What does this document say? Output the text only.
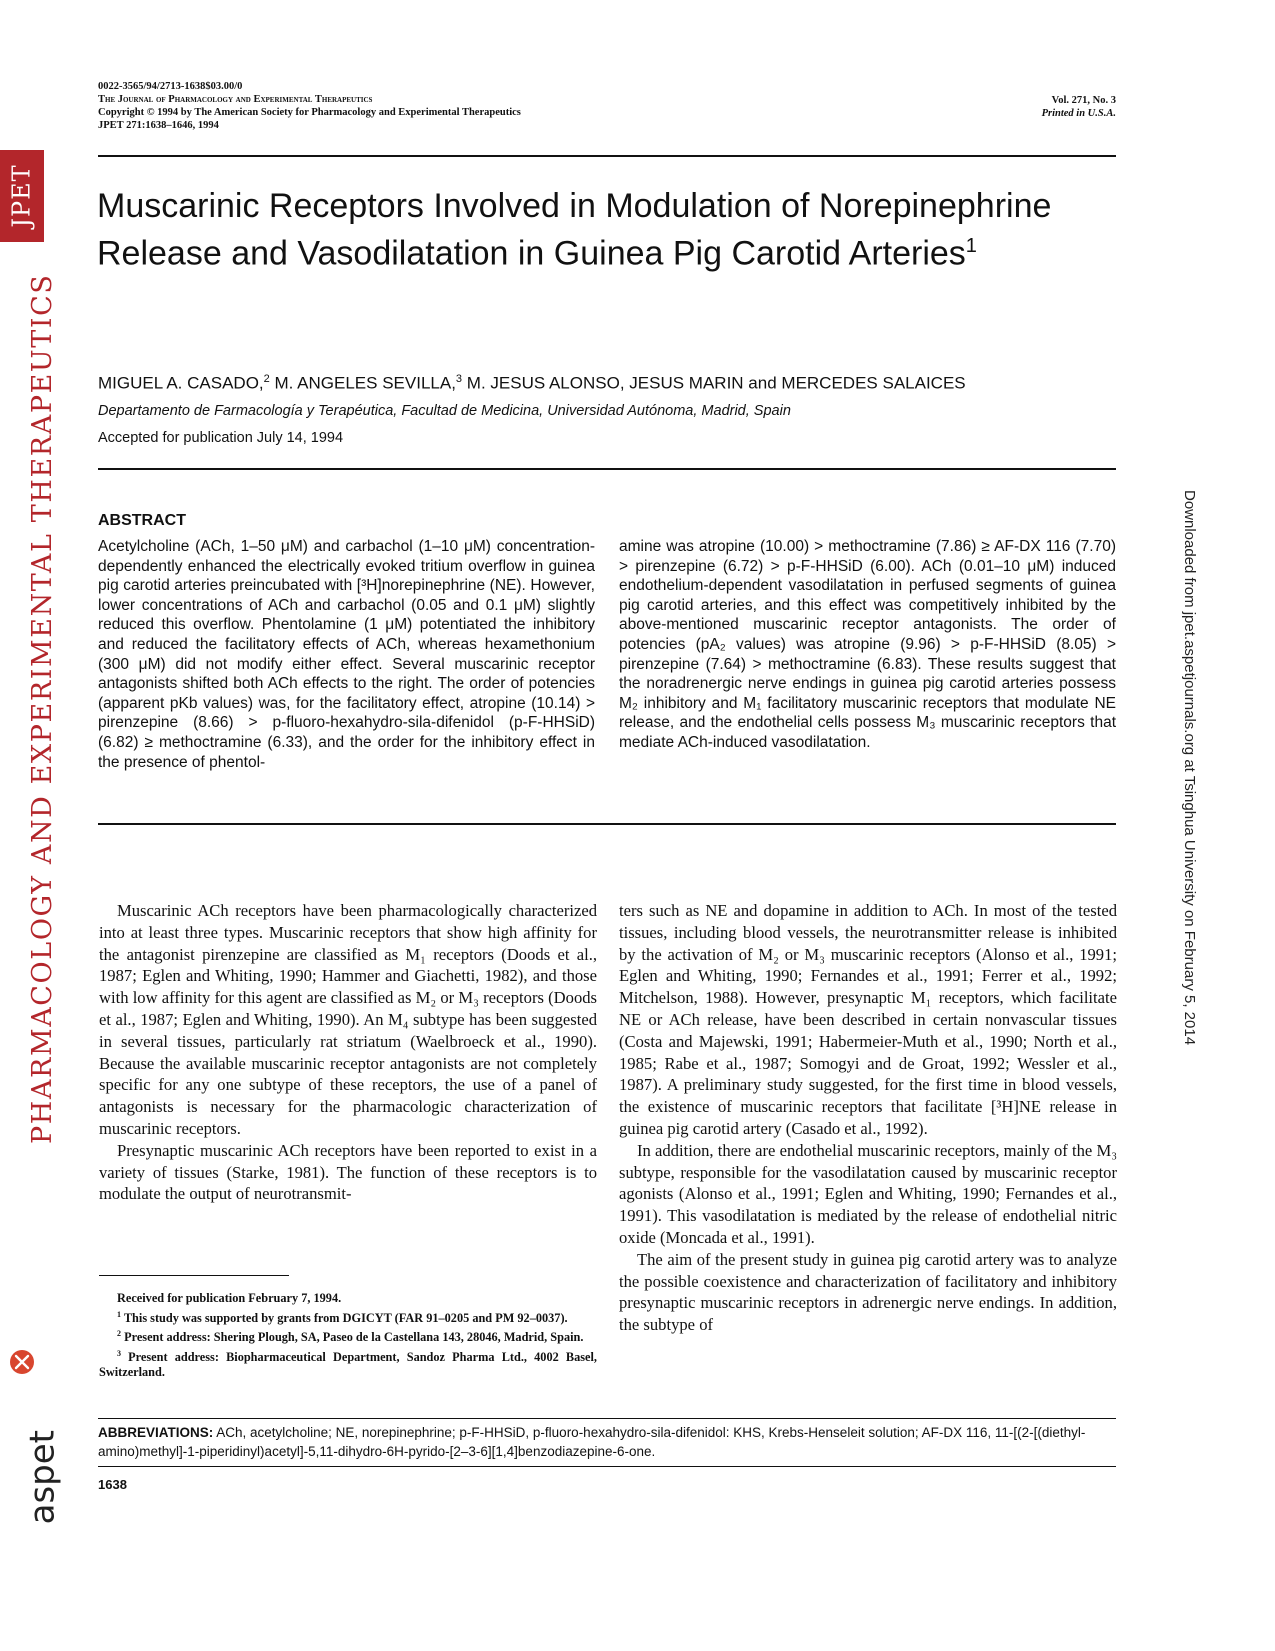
JPET
PHARMACOLOGY AND EXPERIMENTAL THERAPEUTICS
aspet
Downloaded from jpet.aspetjournals.org at Tsinghua University on February 5, 2014
0022-3565/94/2713-1638$03.00/0
The Journal of Pharmacology and Experimental Therapeutics
Copyright © 1994 by The American Society for Pharmacology and Experimental Therapeutics
JPET 271:1638–1646, 1994
Vol. 271, No. 3
Printed in U.S.A.
Muscarinic Receptors Involved in Modulation of Norepinephrine Release and Vasodilatation in Guinea Pig Carotid Arteries$^1$
MIGUEL A. CASADO,$^2$ M. ANGELES SEVILLA,$^3$ M. JESUS ALONSO, JESUS MARIN and MERCEDES SALAICES
Departamento de Farmacología y Terapéutica, Facultad de Medicina, Universidad Autónoma, Madrid, Spain
Accepted for publication July 14, 1994
ABSTRACT
Acetylcholine (ACh, 1–50 μM) and carbachol (1–10 μM) concentration-dependently enhanced the electrically evoked tritium overflow in guinea pig carotid arteries preincubated with [³H]norepinephrine (NE). However, lower concentrations of ACh and carbachol (0.05 and 0.1 μM) slightly reduced this overflow. Phentolamine (1 μM) potentiated the inhibitory and reduced the facilitatory effects of ACh, whereas hexamethonium (300 μM) did not modify either effect. Several muscarinic receptor antagonists shifted both ACh effects to the right. The order of potencies (apparent pKb values) was, for the facilitatory effect, atropine (10.14) > pirenzepine (8.66) > p-fluoro-hexahydro-sila-difenidol (p-F-HHSiD) (6.82) ≥ methoctramine (6.33), and the order for the inhibitory effect in the presence of phentol-
amine was atropine (10.00) > methoctramine (7.86) ≥ AF-DX 116 (7.70) > pirenzepine (6.72) > p-F-HHSiD (6.00). ACh (0.01–10 μM) induced endothelium-dependent vasodilatation in perfused segments of guinea pig carotid arteries, and this effect was competitively inhibited by the above-mentioned muscarinic receptor antagonists. The order of potencies (pA₂ values) was atropine (9.96) > p-F-HHSiD (8.05) > pirenzepine (7.64) > methoctramine (6.83). These results suggest that the noradrenergic nerve endings in guinea pig carotid arteries possess M₂ inhibitory and M₁ facilitatory muscarinic receptors that modulate NE release, and the endothelial cells possess M₃ muscarinic receptors that mediate ACh-induced vasodilatation.

Muscarinic ACh receptors have been pharmacologically characterized into at least three types. Muscarinic receptors that show high affinity for the antagonist pirenzepine are classified as M₁ receptors (Doods et al., 1987; Eglen and Whiting, 1990; Hammer and Giachetti, 1982), and those with low affinity for this agent are classified as M₂ or M₃ receptors (Doods et al., 1987; Eglen and Whiting, 1990). An M₄ subtype has been suggested in several tissues, particularly rat striatum (Waelbroeck et al., 1990). Because the available muscarinic receptor antagonists are not completely specific for any one subtype of these receptors, the use of a panel of antagonists is necessary for the pharmacologic characterization of muscarinic receptors.

Presynaptic muscarinic ACh receptors have been reported to exist in a variety of tissues (Starke, 1981). The function of these receptors is to modulate the output of neurotransmit-

ters such as NE and dopamine in addition to ACh. In most of the tested tissues, including blood vessels, the neurotransmitter release is inhibited by the activation of M₂ or M₃ muscarinic receptors (Alonso et al., 1991; Eglen and Whiting, 1990; Fernandes et al., 1991; Ferrer et al., 1992; Mitchelson, 1988). However, presynaptic M₁ receptors, which facilitate NE or ACh release, have been described in certain nonvascular tissues (Costa and Majewski, 1991; Habermeier-Muth et al., 1990; North et al., 1985; Rabe et al., 1987; Somogyi and de Groat, 1992; Wessler et al., 1987). A preliminary study suggested, for the first time in blood vessels, the existence of muscarinic receptors that facilitate [³H]NE release in guinea pig carotid artery (Casado et al., 1992).

In addition, there are endothelial muscarinic receptors, mainly of the M₃ subtype, responsible for the vasodilatation caused by muscarinic receptor agonists (Alonso et al., 1991; Eglen and Whiting, 1990; Fernandes et al., 1991). This vasodilatation is mediated by the release of endothelial nitric oxide (Moncada et al., 1991).

The aim of the present study in guinea pig carotid artery was to analyze the possible coexistence and characterization of facilitatory and inhibitory presynaptic muscarinic receptors in adrenergic nerve endings. In addition, the subtype of

Received for publication February 7, 1994.

$^1$ This study was supported by grants from DGICYT (FAR 91–0205 and PM 92–0037).

$^2$ Present address: Shering Plough, SA, Paseo de la Castellana 143, 28046, Madrid, Spain.

$^3$ Present address: Biopharmaceutical Department, Sandoz Pharma Ltd., 4002 Basel, Switzerland.

ABBREVIATIONS: ACh, acetylcholine; NE, norepinephrine; p-F-HHSiD, p-fluoro-hexahydro-sila-difenidol: KHS, Krebs-Henseleit solution; AF-DX 116, 11-[(2-[(diethyl-amino)methyl]-1-piperidinyl)acetyl]-5,11-dihydro-6H-pyrido-[2–3-6][1,4]benzodiazepine-6-one.
1638
